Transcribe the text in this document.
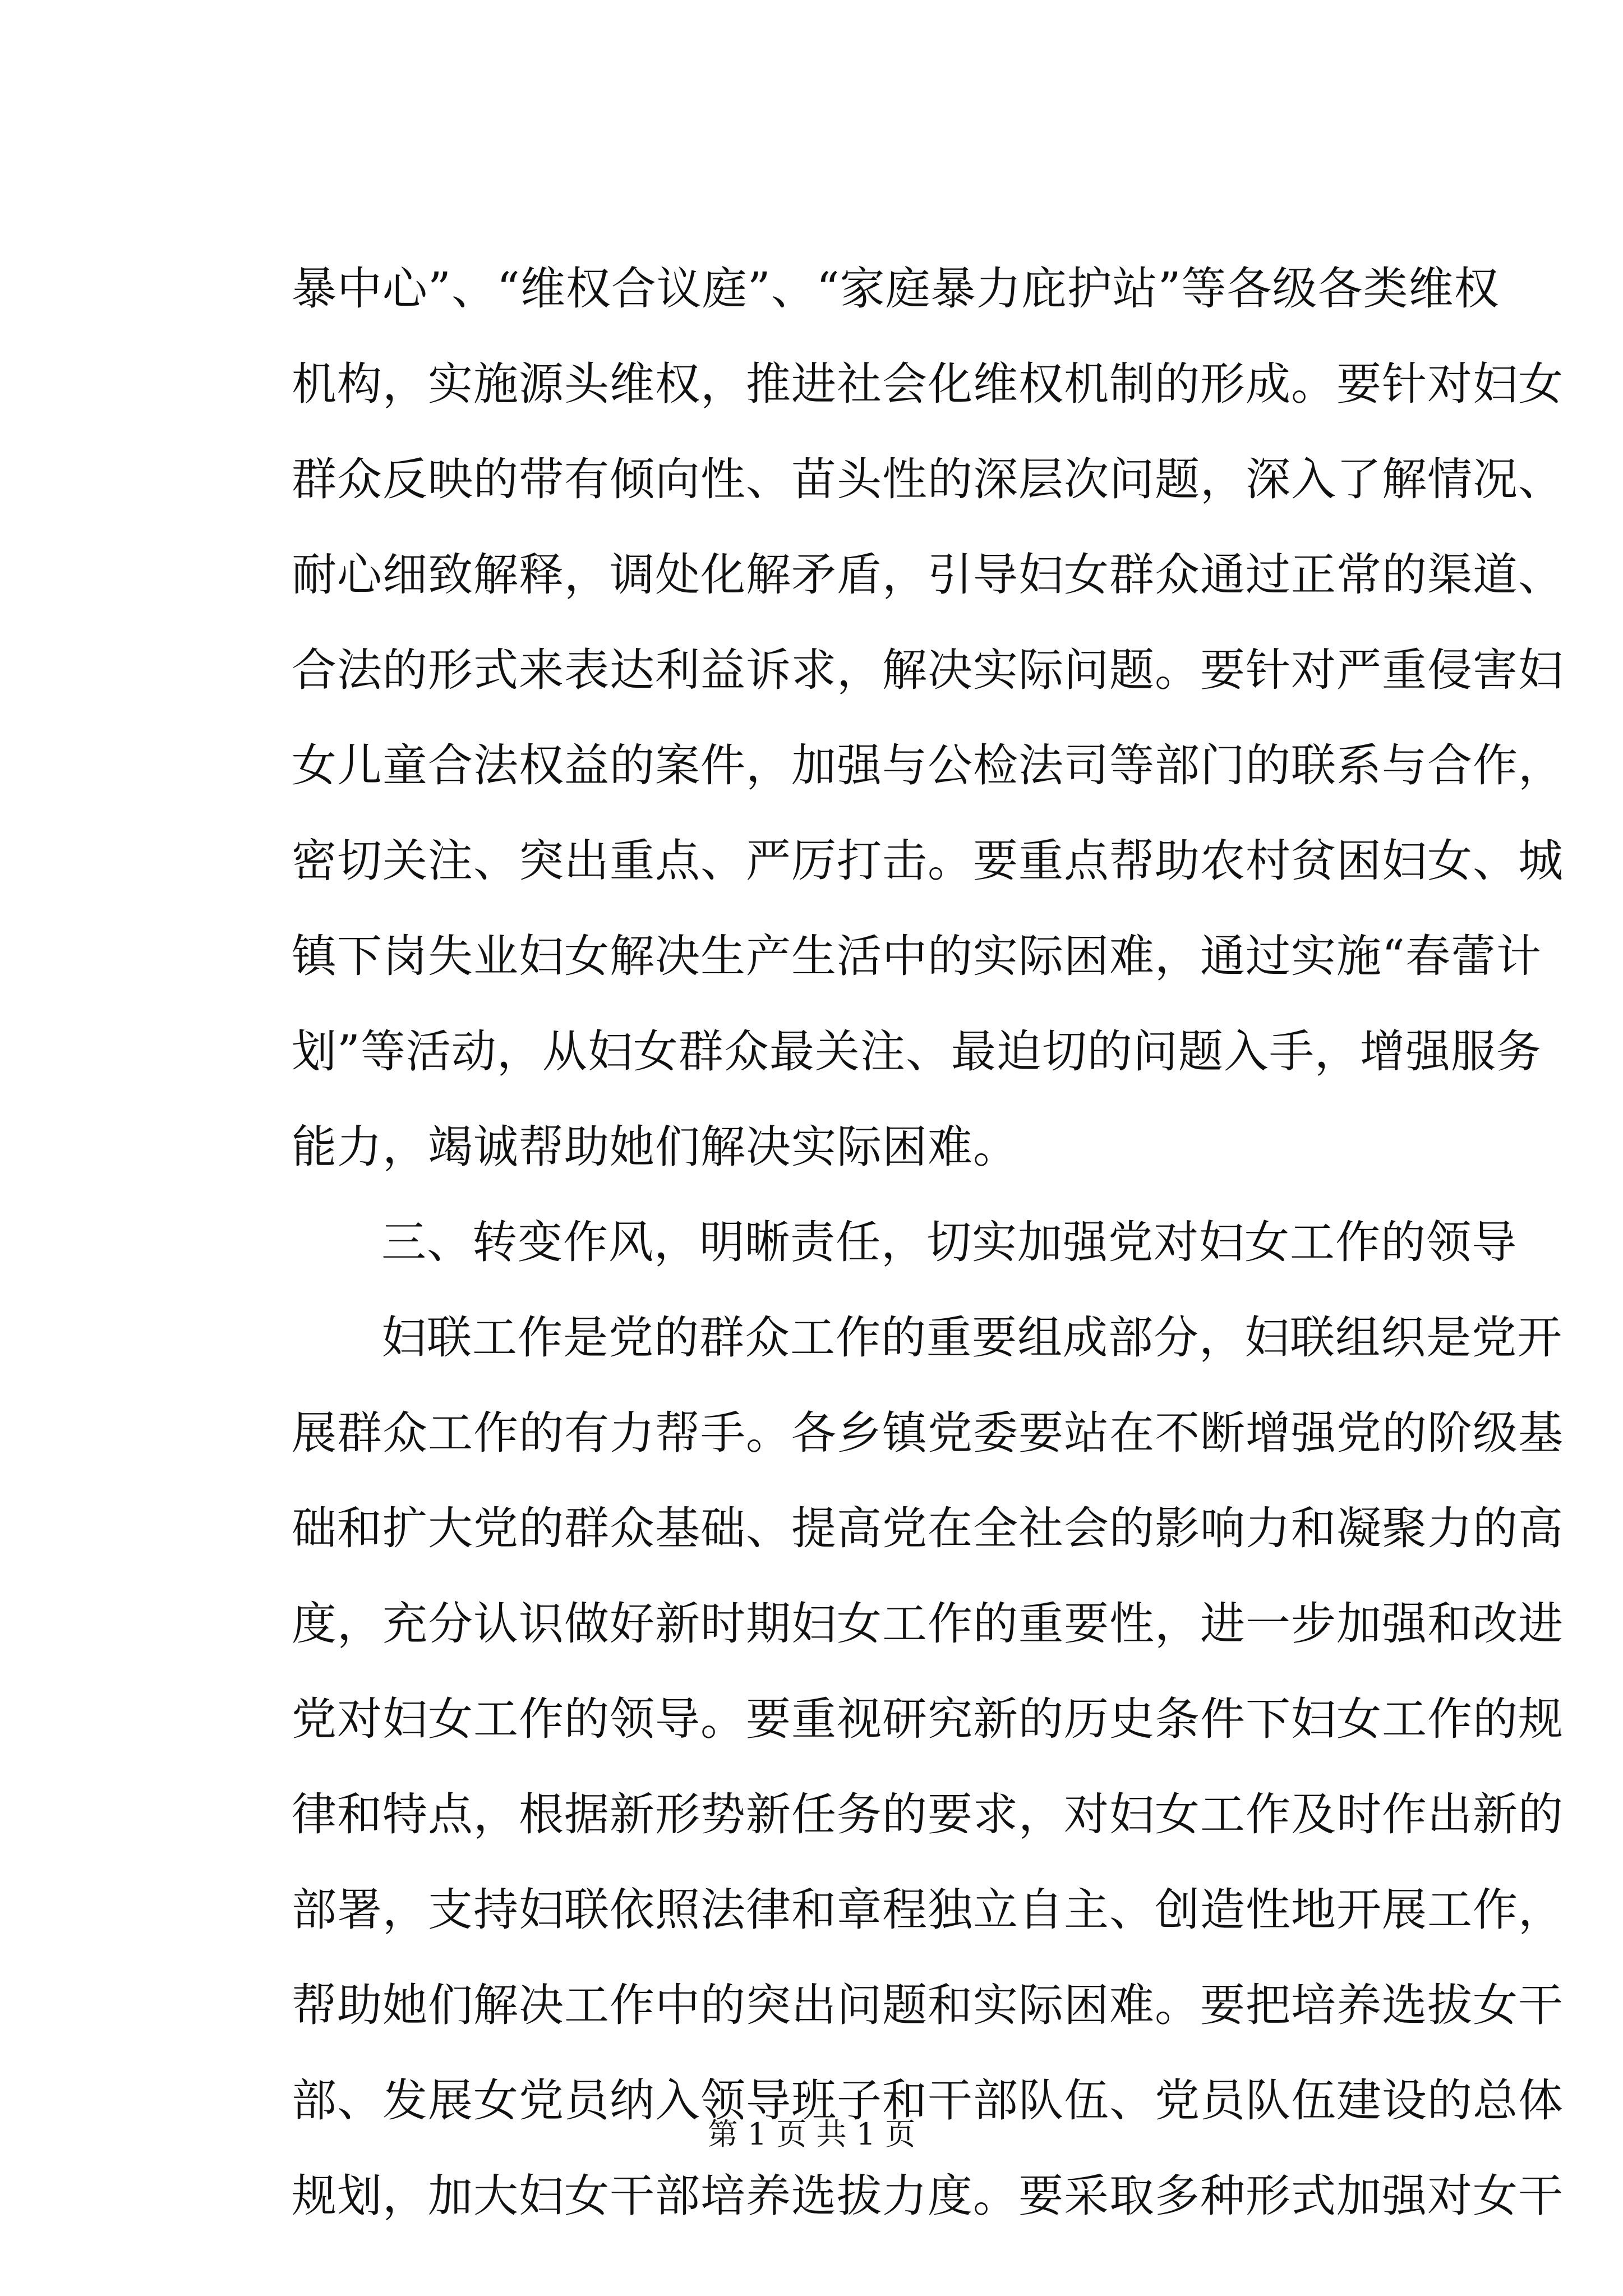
暴中心”、“维权合议庭”、“家庭暴力庇护站”等各级各类维权
机构，实施源头维权，推进社会化维权机制的形成。要针对妇女
群众反映的带有倾向性、苗头性的深层次问题，深入了解情况、
耐心细致解释，调处化解矛盾，引导妇女群众通过正常的渠道、
合法的形式来表达利益诉求，解决实际问题。要针对严重侵害妇
女儿童合法权益的案件，加强与公检法司等部门的联系与合作，
密切关注、突出重点、严厉打击。要重点帮助农村贫困妇女、城
镇下岗失业妇女解决生产生活中的实际困难，通过实施“春蕾计
划”等活动，从妇女群众最关注、最迫切的问题入手，增强服务
能力，竭诚帮助她们解决实际困难。
三、转变作风，明晰责任，切实加强党对妇女工作的领导
妇联工作是党的群众工作的重要组成部分，妇联组织是党开
展群众工作的有力帮手。各乡镇党委要站在不断增强党的阶级基
础和扩大党的群众基础、提高党在全社会的影响力和凝聚力的高
度，充分认识做好新时期妇女工作的重要性，进一步加强和改进
党对妇女工作的领导。要重视研究新的历史条件下妇女工作的规
律和特点，根据新形势新任务的要求，对妇女工作及时作出新的
部署，支持妇联依照法律和章程独立自主、创造性地开展工作，
帮助她们解决工作中的突出问题和实际困难。要把培养选拔女干
部、发展女党员纳入领导班子和干部队伍、党员队伍建设的总体
规划，加大妇女干部培养选拔力度。要采取多种形式加强对女干
第 1 页 共 1 页
